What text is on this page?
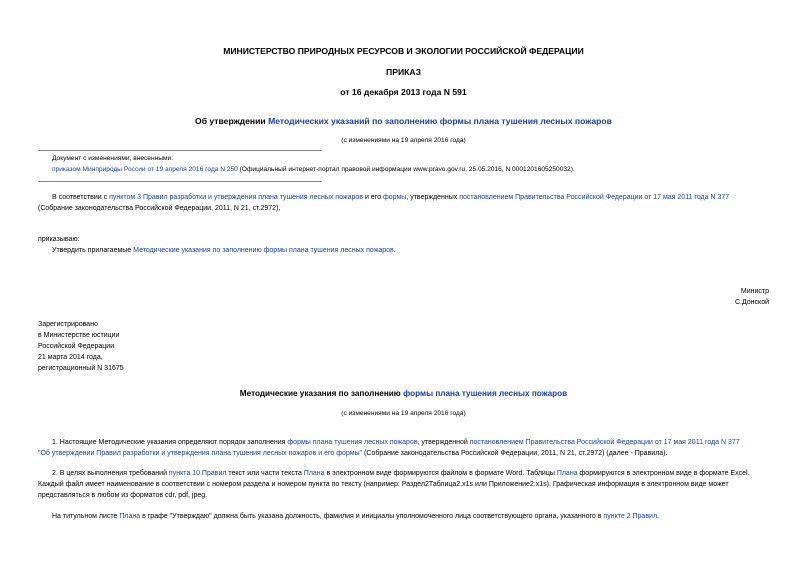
МИНИСТЕРСТВО ПРИРОДНЫХ РЕСУРСОВ И ЭКОЛОГИИ РОССИЙСКОЙ ФЕДЕРАЦИИ
ПРИКАЗ
от 16 декабря 2013 года N 591
Об утверждении Методических указаний по заполнению формы плана тушения лесных пожаров
(с изменениями на 19 апреля 2016 года)
Документ с изменениями, внесенными:
приказом Минприроды России от 19 апреля 2016 года N 250 (Официальный интернет-портал правовой информации www.pravo.gov.ru, 25.05.2016, N 0001201605250032).
В соответствии с пунктом 3 Правил разработки и утверждения плана тушения лесных пожаров и его формы, утвержденных постановлением Правительства Российской Федерации от 17 мая 2011 года N 377
(Собрание законодательства Российской Федерации, 2011, N 21, ст.2972),
приказываю:
Утвердить прилагаемые Методические указания по заполнению формы плана тушения лесных пожаров.
Министр
С.Донской
Зарегистрировано
в Министерстве юстиции
Российской Федерации
21 марта 2014 года,
регистрационный N 31675
Методические указания по заполнению формы плана тушения лесных пожаров
(с изменениями на 19 апреля 2016 года)
1. Настоящие Методические указания определяют порядок заполнения формы плана тушения лесных пожаров, утвержденной постановлением Правительства Российской Федерации от 17 мая 2011 года N 377
"Об утверждении Правил разработки и утверждения плана тушения лесных пожаров и его формы" (Собрание законодательства Российской Федерации, 2011, N 21, ст.2972) (далее - Правила).
2. В целях выполнения требований пункта 10 Правил текст или части текста Плана в электронном виде формируются файлом в формате Word. Таблицы Плана формируются в электронном виде в формате Excel.
Каждый файл имеет наименование в соответствии с номером раздела и номером пункта по тексту (например: Раздел2Таблица2.x1s или Приложение2.x1s). Графическая информация в электронном виде может
представляться в любом из форматов cdr, pdf, jpeg.
На титульном листе Плана в графе "Утверждаю" должна быть указана должность, фамилия и инициалы уполномоченного лица соответствующего органа, указанного в пункте 2 Правил.
